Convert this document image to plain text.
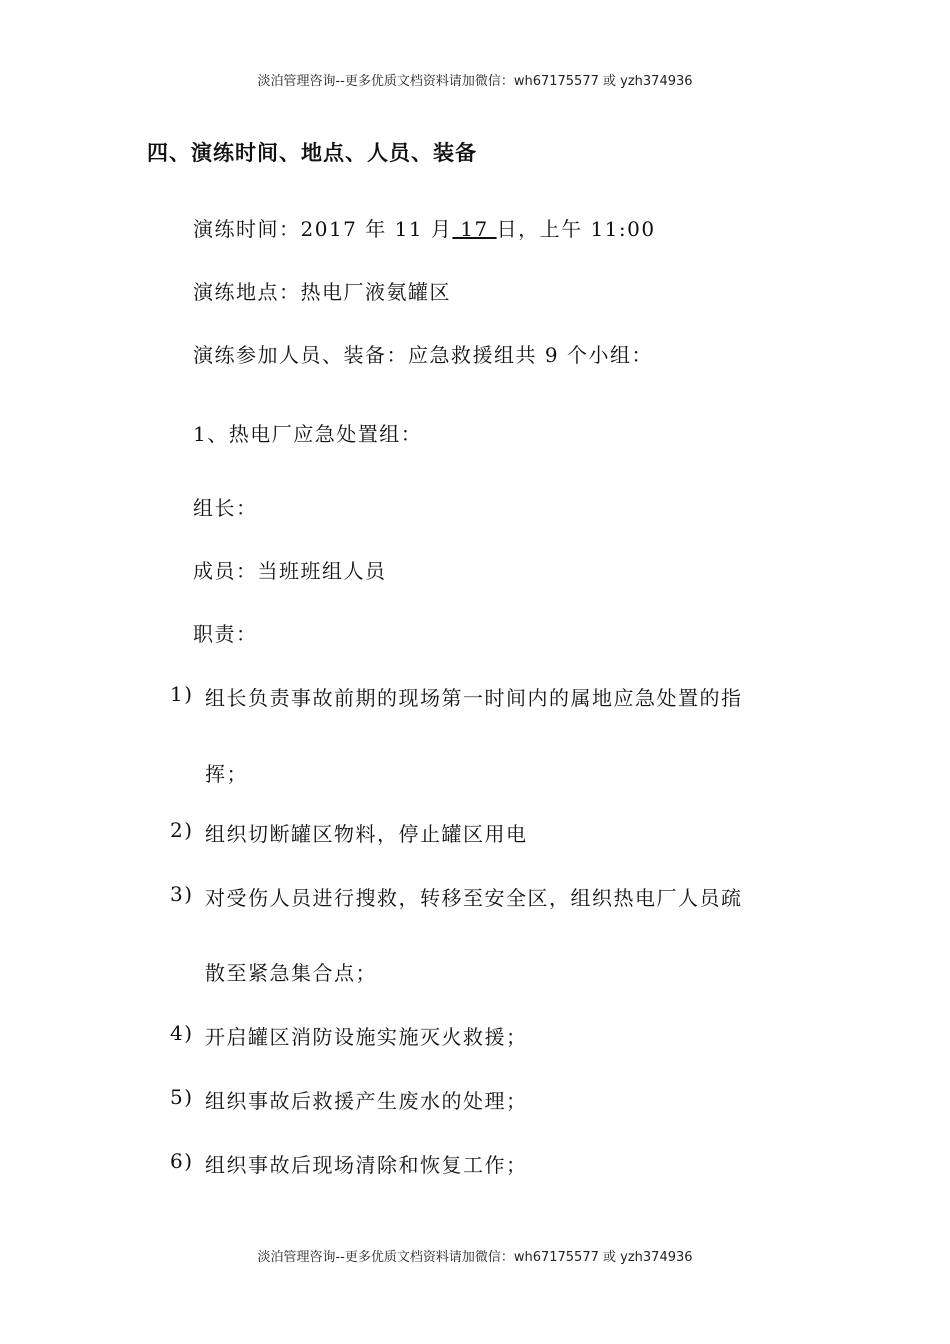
淡泊管理咨询--更多优质文档资料请加微信：wh67175577 或 yzh374936
四、演练时间、地点、人员、装备
演练时间：2017 年 11 月 17 日，上午 11:00
演练地点：热电厂液氨罐区
演练参加人员、装备：应急救援组共 9 个小组：
1、热电厂应急处置组：
组长：
成员：当班班组人员
职责：
1) 组长负责事故前期的现场第一时间内的属地应急处置的指
挥；
2) 组织切断罐区物料，停止罐区用电
3) 对受伤人员进行搜救，转移至安全区，组织热电厂人员疏
散至紧急集合点；
4) 开启罐区消防设施实施灭火救援；
5) 组织事故后救援产生废水的处理；
6) 组织事故后现场清除和恢复工作；
淡泊管理咨询--更多优质文档资料请加微信：wh67175577 或 yzh374936
